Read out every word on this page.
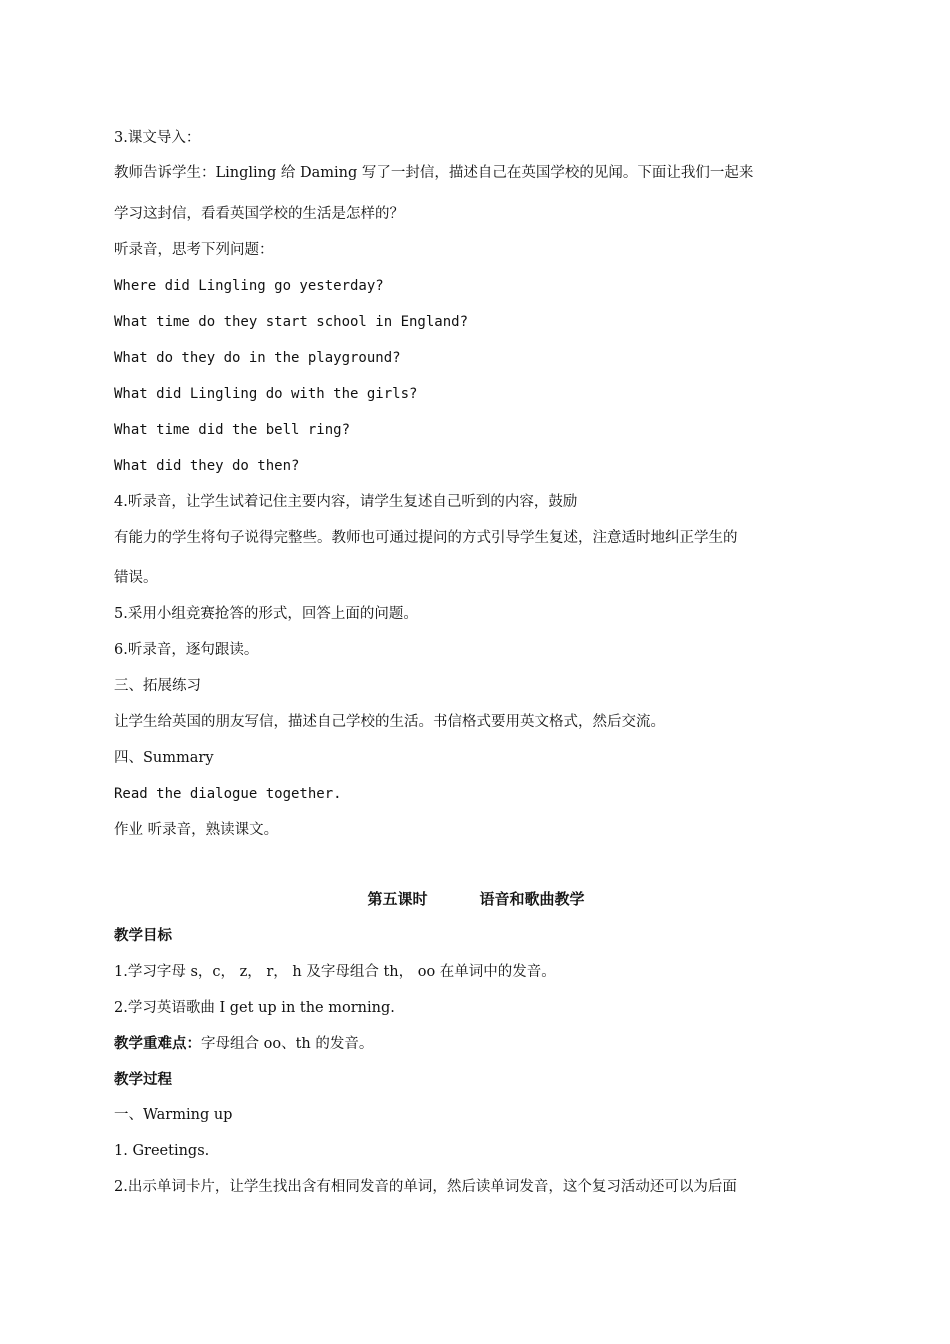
3.课文导入：
教师告诉学生：Lingling 给 Daming 写了一封信，描述自己在英国学校的见闻。下面让我们一起来
学习这封信，看看英国学校的生活是怎样的？
听录音，思考下列问题：
Where did Lingling go yesterday?
What time do they start school in England?
What do they do in the playground?
What did Lingling do with the girls?
What time did the bell ring?
What did they do then?
4.听录音，让学生试着记住主要内容，请学生复述自己听到的内容，鼓励
有能力的学生将句子说得完整些。教师也可通过提问的方式引导学生复述，注意适时地纠正学生的
错误。
5.采用小组竞赛抢答的形式，回答上面的问题。
6.听录音，逐句跟读。
三、拓展练习
让学生给英国的朋友写信，描述自己学校的生活。书信格式要用英文格式，然后交流。
四、Summary
Read the dialogue together.
作业 听录音，熟读课文。
第五课时	语音和歌曲教学
教学目标
1.学习字母 s，c， z， r， h 及字母组合 th， oo 在单词中的发音。
2.学习英语歌曲 I get up in the morning.
教学重难点：字母组合 oo、th 的发音。
教学过程
一、Warming up
1. Greetings.
2.出示单词卡片，让学生找出含有相同发音的单词，然后读单词发音，这个复习活动还可以为后面
